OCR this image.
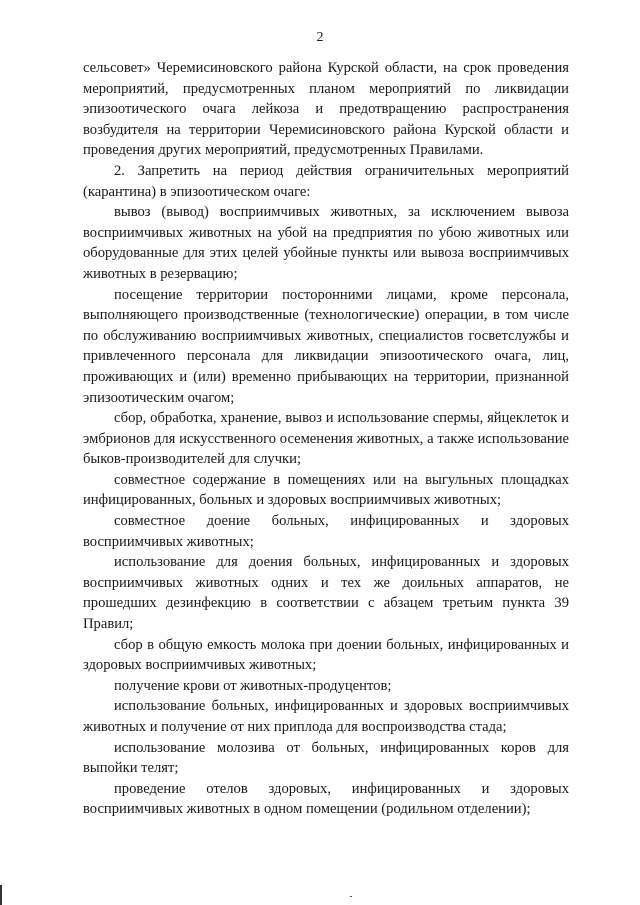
2

сельсовет» Черемисиновского района Курской области, на срок проведения мероприятий, предусмотренных планом мероприятий по ликвидации эпизоотического очага лейкоза и предотвращению распространения возбудителя на территории Черемисиновского района Курской области и проведения других мероприятий, предусмотренных Правилами.

2. Запретить на период действия ограничительных мероприятий (карантина) в эпизоотическом очаге:

вывоз (вывод) восприимчивых животных, за исключением вывоза восприимчивых животных на убой на предприятия по убою животных или оборудованные для этих целей убойные пункты или вывоза восприимчивых животных в резервацию;

посещение территории посторонними лицами, кроме персонала, выполняющего производственные (технологические) операции, в том числе по обслуживанию восприимчивых животных, специалистов госветслужбы и привлеченного персонала для ликвидации эпизоотического очага, лиц, проживающих и (или) временно прибывающих на территории, признанной эпизоотическим очагом;

сбор, обработка, хранение, вывоз и использование спермы, яйцеклеток и эмбрионов для искусственного осеменения животных, а также использование быков-производителей для случки;

совместное содержание в помещениях или на выгульных площадках инфицированных, больных и здоровых восприимчивых животных;

совместное доение больных, инфицированных и здоровых восприимчивых животных;

использование для доения больных, инфицированных и здоровых восприимчивых животных одних и тех же доильных аппаратов, не прошедших дезинфекцию в соответствии с абзацем третьим пункта 39 Правил;

сбор в общую емкость молока при доении больных, инфицированных и здоровых восприимчивых животных;

получение крови от животных-продуцентов;

использование больных, инфицированных и здоровых восприимчивых животных и получение от них приплода для воспроизводства стада;

использование молозива от больных, инфицированных коров для выпойки телят;

проведение отелов здоровых, инфицированных и здоровых восприимчивых животных в одном помещении (родильном отделении);
